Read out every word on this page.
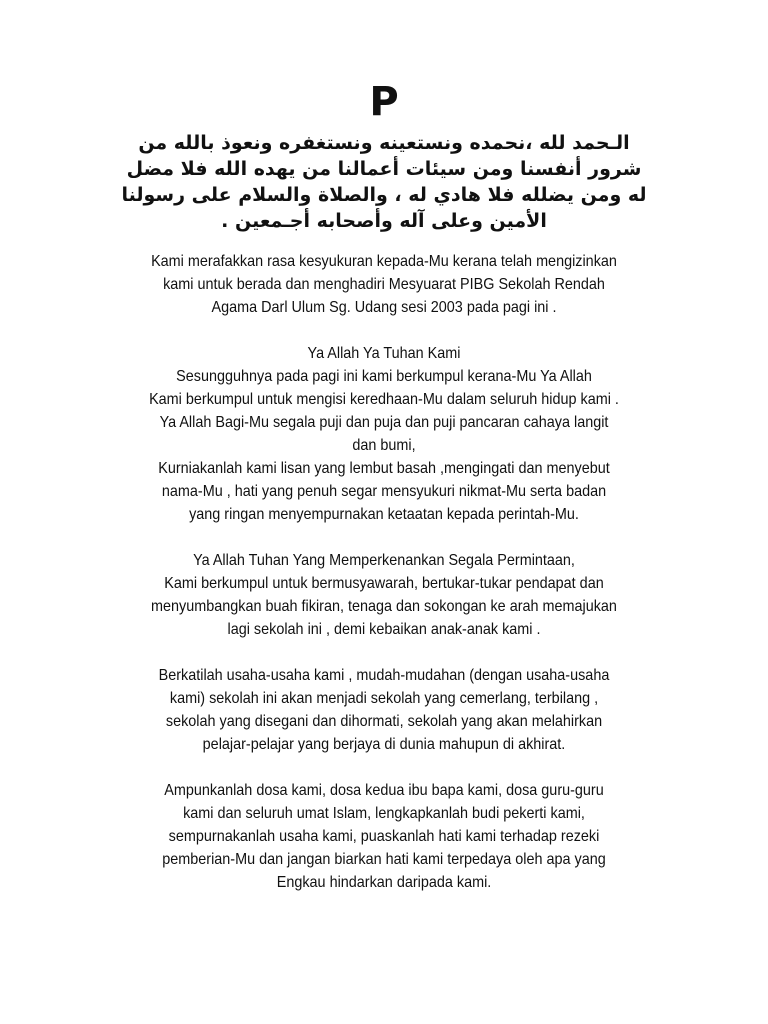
P
الـحمد لله ،نحمده ونستعينه ونستغفره ونعوذ بالله من
شرور أنفسنا ومن سيئات أعمالنا من يهده الله فلا مضل
له ومن يضلله فلا هادي له ، والصلاة والسلام على رسولنا
الأمين وعلى آله وأصحابه أجـمعين .

Kami merafakkan rasa kesyukuran kepada-Mu kerana telah mengizinkan
kami untuk berada dan menghadiri Mesyuarat PIBG Sekolah Rendah
Agama Darl Ulum Sg. Udang sesi 2003 pada pagi ini .

Ya Allah Ya Tuhan Kami
Sesungguhnya pada pagi ini kami berkumpul kerana-Mu Ya Allah
Kami berkumpul untuk mengisi keredhaan-Mu dalam seluruh hidup kami .
Ya Allah Bagi-Mu segala puji dan puja dan puji pancaran cahaya langit
dan bumi,
Kurniakanlah kami lisan yang lembut basah ,mengingati dan menyebut
nama-Mu , hati yang penuh segar mensyukuri nikmat-Mu serta badan
yang ringan menyempurnakan ketaatan kepada perintah-Mu.

Ya Allah Tuhan Yang Memperkenankan Segala Permintaan,
Kami berkumpul untuk bermusyawarah, bertukar-tukar pendapat dan
menyumbangkan buah fikiran, tenaga dan sokongan ke arah memajukan
lagi sekolah ini , demi kebaikan anak-anak kami .

Berkatilah usaha-usaha kami , mudah-mudahan (dengan usaha-usaha
kami) sekolah ini akan menjadi sekolah yang cemerlang, terbilang ,
sekolah yang disegani dan dihormati, sekolah yang akan melahirkan
pelajar-pelajar yang berjaya di dunia mahupun di akhirat.

Ampunkanlah dosa kami, dosa kedua ibu bapa kami, dosa guru-guru
kami dan seluruh umat Islam, lengkapkanlah budi pekerti kami,
sempurnakanlah usaha kami, puaskanlah hati kami terhadap rezeki
pemberian-Mu dan jangan biarkan hati kami terpedaya oleh apa yang
Engkau hindarkan daripada kami.
